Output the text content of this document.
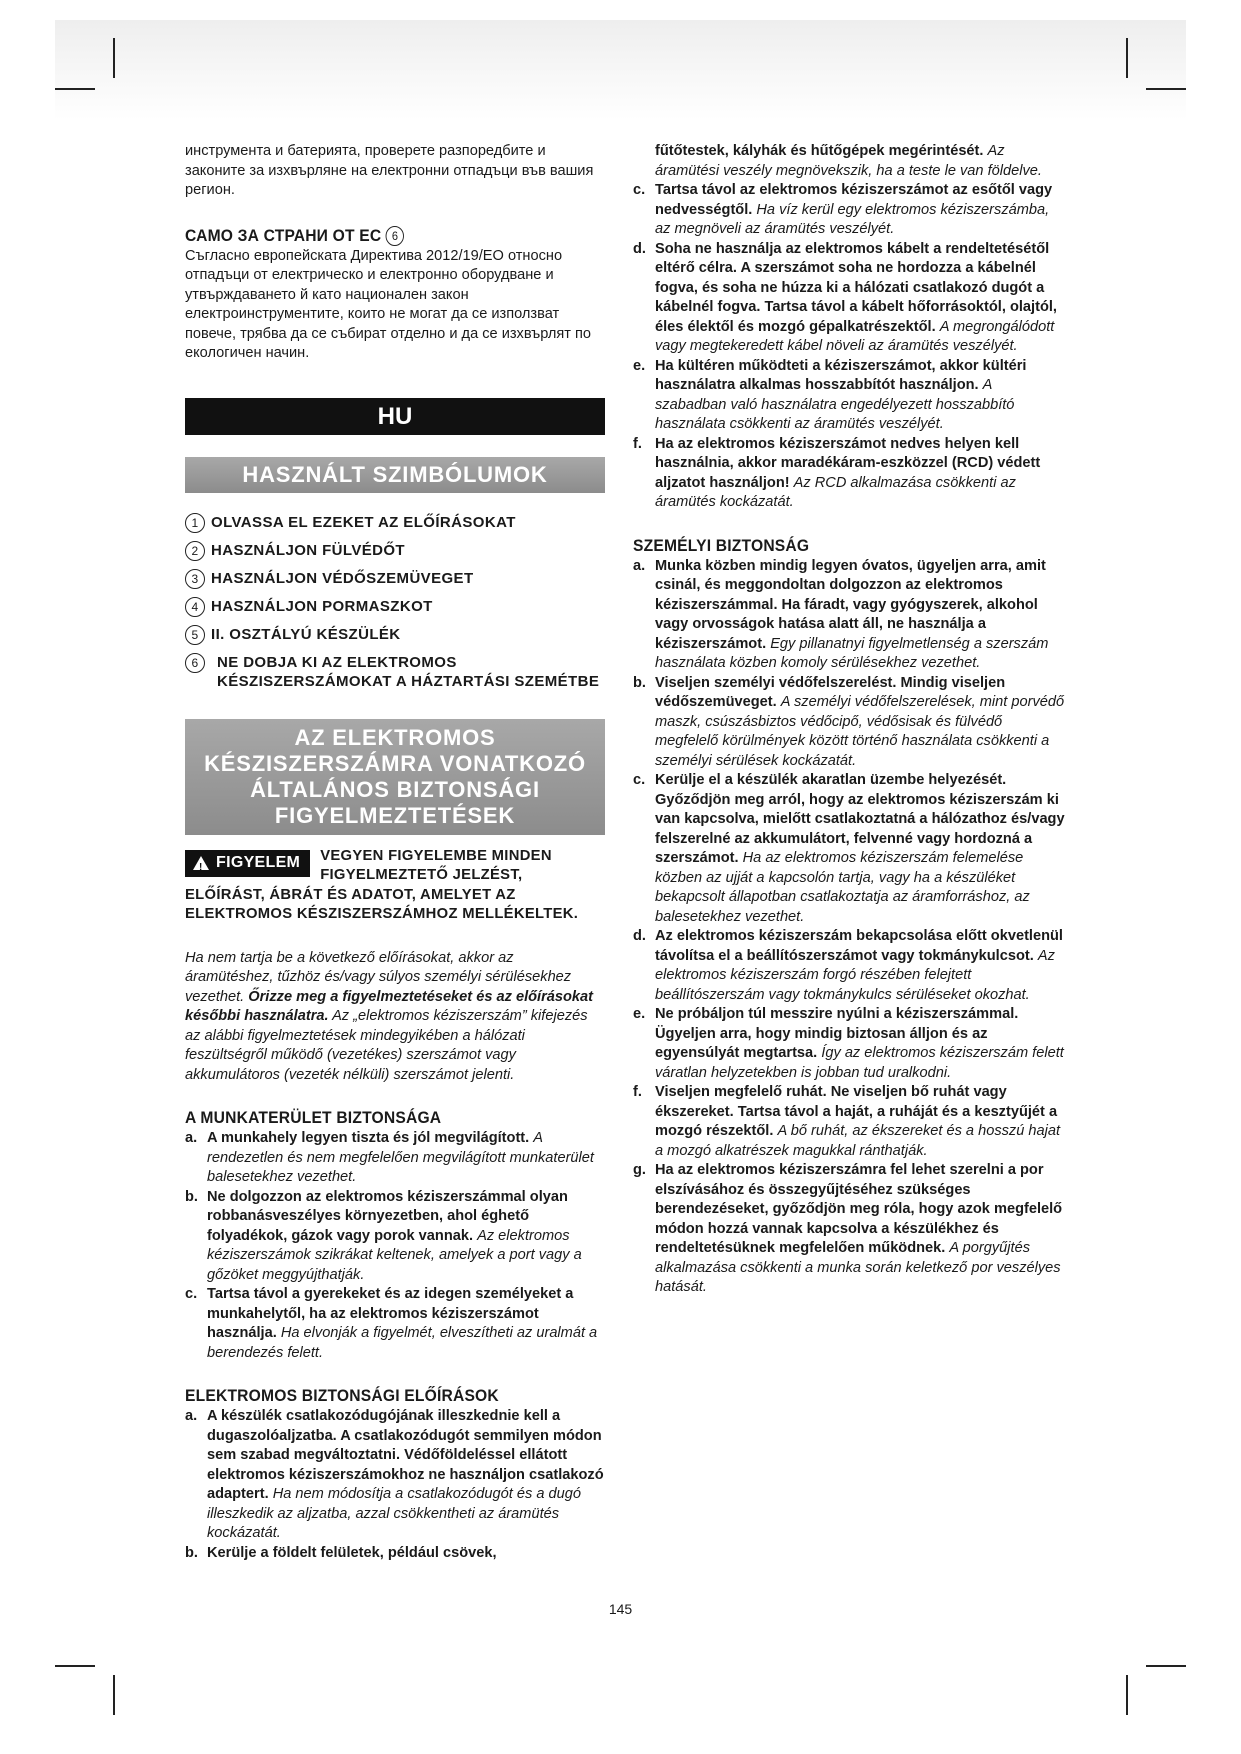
инструмента и батерията, проверете разпоредбите и законите за изхвърляне на електронни отпадъци във вашия регион.

САМО ЗА СТРАНИ ОТ ЕС 6

Съгласно европейската Директива 2012/19/EO относно отпадъци от електрическо и електронно оборудване и утвърждаването й като национален закон електроинструментите, които не могат да се използват повече, трябва да се събират отделно и да се изхвърлят по екологичен начин.

HU
HASZNÁLT SZIMBÓLUMOK
1 OLVASSA EL EZEKET AZ ELŐÍRÁSOKAT
2 HASZNÁLJON FÜLVÉDŐT
3 HASZNÁLJON VÉDŐSZEMÜVEGET
4 HASZNÁLJON PORMASZKOT
5 II. OSZTÁLYÚ KÉSZÜLÉK
6	NE DOBJA KI AZ ELEKTROMOS KÉSZISZERSZÁMOKAT A HÁZTARTÁSI SZEMÉTBE
AZ ELEKTROMOS KÉSZISZERSZÁMRA VONATKOZÓ ÁLTALÁNOS BIZTONSÁGI FIGYELMEZTETÉSEK
! FIGYELEM VEGYEN FIGYELEMBE MINDEN FIGYELMEZTETŐ JELZÉST, ELŐÍRÁST, ÁBRÁT ÉS ADATOT, AMELYET AZ ELEKTROMOS KÉSZISZERSZÁMHOZ MELLÉKELTEK.

Ha nem tartja be a következő előírásokat, akkor az áramütéshez, tűzhöz és/vagy súlyos személyi sérülésekhez vezethet. Őrizze meg a figyelmeztetéseket és az előírásokat későbbi használatra. Az „elektromos kéziszerszám” kifejezés az alábbi figyelmeztetések mindegyikében a hálózati feszültségről működő (vezetékes) szerszámot vagy akkumulátoros (vezeték nélküli) szerszámot jelenti.

A MUNKATERÜLET BIZTONSÁGA
a. A munkahely legyen tiszta és jól megvilágított. A rendezetlen és nem megfelelően megvilágított munkaterület balesetekhez vezethet.
b. Ne dolgozzon az elektromos kéziszerszámmal olyan robbanásveszélyes környezetben, ahol éghető folyadékok, gázok vagy porok vannak. Az elektromos kéziszerszámok szikrákat keltenek, amelyek a port vagy a gőzöket meggyújthatják.
c. Tartsa távol a gyerekeket és az idegen személyeket a munkahelytől, ha az elektromos kéziszerszámot használja. Ha elvonják a figyelmét, elveszítheti az uralmát a berendezés felett.
ELEKTROMOS BIZTONSÁGI ELŐÍRÁSOK
a. A készülék csatlakozódugójának illeszkednie kell a dugaszolóaljzatba. A csatlakozódugót semmilyen módon sem szabad megváltoztatni. Védőföldeléssel ellátott elektromos kéziszerszámokhoz ne használjon csatlakozó adaptert. Ha nem módosítja a csatlakozódugót és a dugó illeszkedik az aljzatba, azzal csökkentheti az áramütés kockázatát.
b. Kerülje a földelt felületek, például csövek,
fűtőtestek, kályhák és hűtőgépek megérintését. Az áramütési veszély megnövekszik, ha a teste le van földelve.
c. Tartsa távol az elektromos kéziszerszámot az esőtől vagy nedvességtől. Ha víz kerül egy elektromos kéziszerszámba, az megnöveli az áramütés veszélyét.
d. Soha ne használja az elektromos kábelt a rendeltetésétől eltérő célra. A szerszámot soha ne hordozza a kábelnél fogva, és soha ne húzza ki a hálózati csatlakozó dugót a kábelnél fogva. Tartsa távol a kábelt hőforrásoktól, olajtól, éles élektől és mozgó gépalkatrészektől. A megrongálódott vagy megtekeredett kábel növeli az áramütés veszélyét.
e. Ha kültéren működteti a kéziszerszámot, akkor kültéri használatra alkalmas hosszabbítót használjon. A szabadban való használatra engedélyezett hosszabbító használata csökkenti az áramütés veszélyét.
f. Ha az elektromos kéziszerszámot nedves helyen kell használnia, akkor maradékáram-eszközzel (RCD) védett aljzatot használjon! Az RCD alkalmazása csökkenti az áramütés kockázatát.
SZEMÉLYI BIZTONSÁG
a. Munka közben mindig legyen óvatos, ügyeljen arra, amit csinál, és meggondoltan dolgozzon az elektromos kéziszerszámmal. Ha fáradt, vagy gyógyszerek, alkohol vagy orvosságok hatása alatt áll, ne használja a kéziszerszámot. Egy pillanatnyi figyelmetlenség a szerszám használata közben komoly sérülésekhez vezethet.
b. Viseljen személyi védőfelszerelést. Mindig viseljen védőszemüveget. A személyi védőfelszerelések, mint porvédő maszk, csúszásbiztos védőcipő, védősisak és fülvédő megfelelő körülmények között történő használata csökkenti a személyi sérülések kockázatát.
c. Kerülje el a készülék akaratlan üzembe helyezését. Győződjön meg arról, hogy az elektromos kéziszerszám ki van kapcsolva, mielőtt csatlakoztatná a hálózathoz és/vagy felszerelné az akkumulátort, felvenné vagy hordozná a szerszámot. Ha az elektromos kéziszerszám felemelése közben az ujját a kapcsolón tartja, vagy ha a készüléket bekapcsolt állapotban csatlakoztatja az áramforráshoz, az balesetekhez vezethet.
d. Az elektromos kéziszerszám bekapcsolása előtt okvetlenül távolítsa el a beállítószerszámot vagy tokmánykulcsot. Az elektromos kéziszerszám forgó részében felejtett beállítószerszám vagy tokmánykulcs sérüléseket okozhat.
e. Ne próbáljon túl messzire nyúlni a kéziszerszámmal. Ügyeljen arra, hogy mindig biztosan álljon és az egyensúlyát megtartsa. Így az elektromos kéziszerszám felett váratlan helyzetekben is jobban tud uralkodni.
f. Viseljen megfelelő ruhát. Ne viseljen bő ruhát vagy ékszereket. Tartsa távol a haját, a ruháját és a kesztyűjét a mozgó részektől. A bő ruhát, az ékszereket és a hosszú hajat a mozgó alkatrészek magukkal ránthatják.
g. Ha az elektromos kéziszerszámra fel lehet szerelni a por elszívásához és összegyűjtéséhez szükséges berendezéseket, győződjön meg róla, hogy azok megfelelő módon hozzá vannak kapcsolva a készülékhez és rendeltetésüknek megfelelően működnek. A porgyűjtés alkalmazása csökkenti a munka során keletkező por veszélyes hatását.
145
